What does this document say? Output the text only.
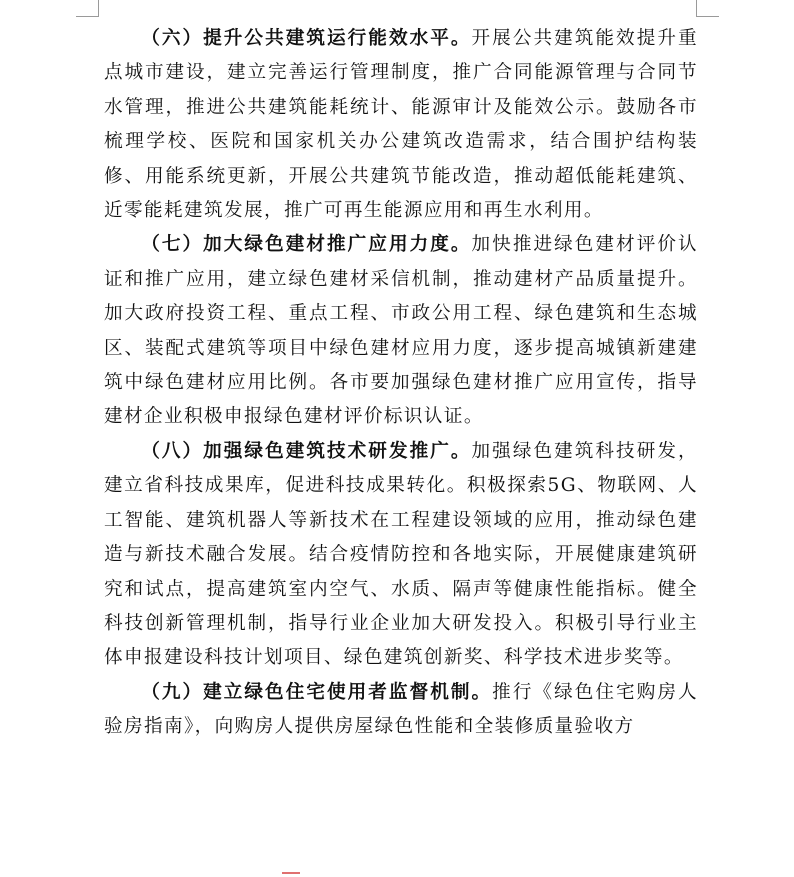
（六）提升公共建筑运行能效水平。开展公共建筑能效提升重点城市建设，建立完善运行管理制度，推广合同能源管理与合同节水管理，推进公共建筑能耗统计、能源审计及能效公示。鼓励各市梳理学校、医院和国家机关办公建筑改造需求，结合围护结构装修、用能系统更新，开展公共建筑节能改造，推动超低能耗建筑、近零能耗建筑发展，推广可再生能源应用和再生水利用。

（七）加大绿色建材推广应用力度。加快推进绿色建材评价认证和推广应用，建立绿色建材采信机制，推动建材产品质量提升。加大政府投资工程、重点工程、市政公用工程、绿色建筑和生态城区、装配式建筑等项目中绿色建材应用力度，逐步提高城镇新建建筑中绿色建材应用比例。各市要加强绿色建材推广应用宣传，指导建材企业积极申报绿色建材评价标识认证。

（八）加强绿色建筑技术研发推广。加强绿色建筑科技研发，建立省科技成果库，促进科技成果转化。积极探索5G、物联网、人工智能、建筑机器人等新技术在工程建设领域的应用，推动绿色建造与新技术融合发展。结合疫情防控和各地实际，开展健康建筑研究和试点，提高建筑室内空气、水质、隔声等健康性能指标。健全科技创新管理机制，指导行业企业加大研发投入。积极引导行业主体申报建设科技计划项目、绿色建筑创新奖、科学技术进步奖等。

（九）建立绿色住宅使用者监督机制。推行《绿色住宅购房人验房指南》，向购房人提供房屋绿色性能和全装修质量验收方
